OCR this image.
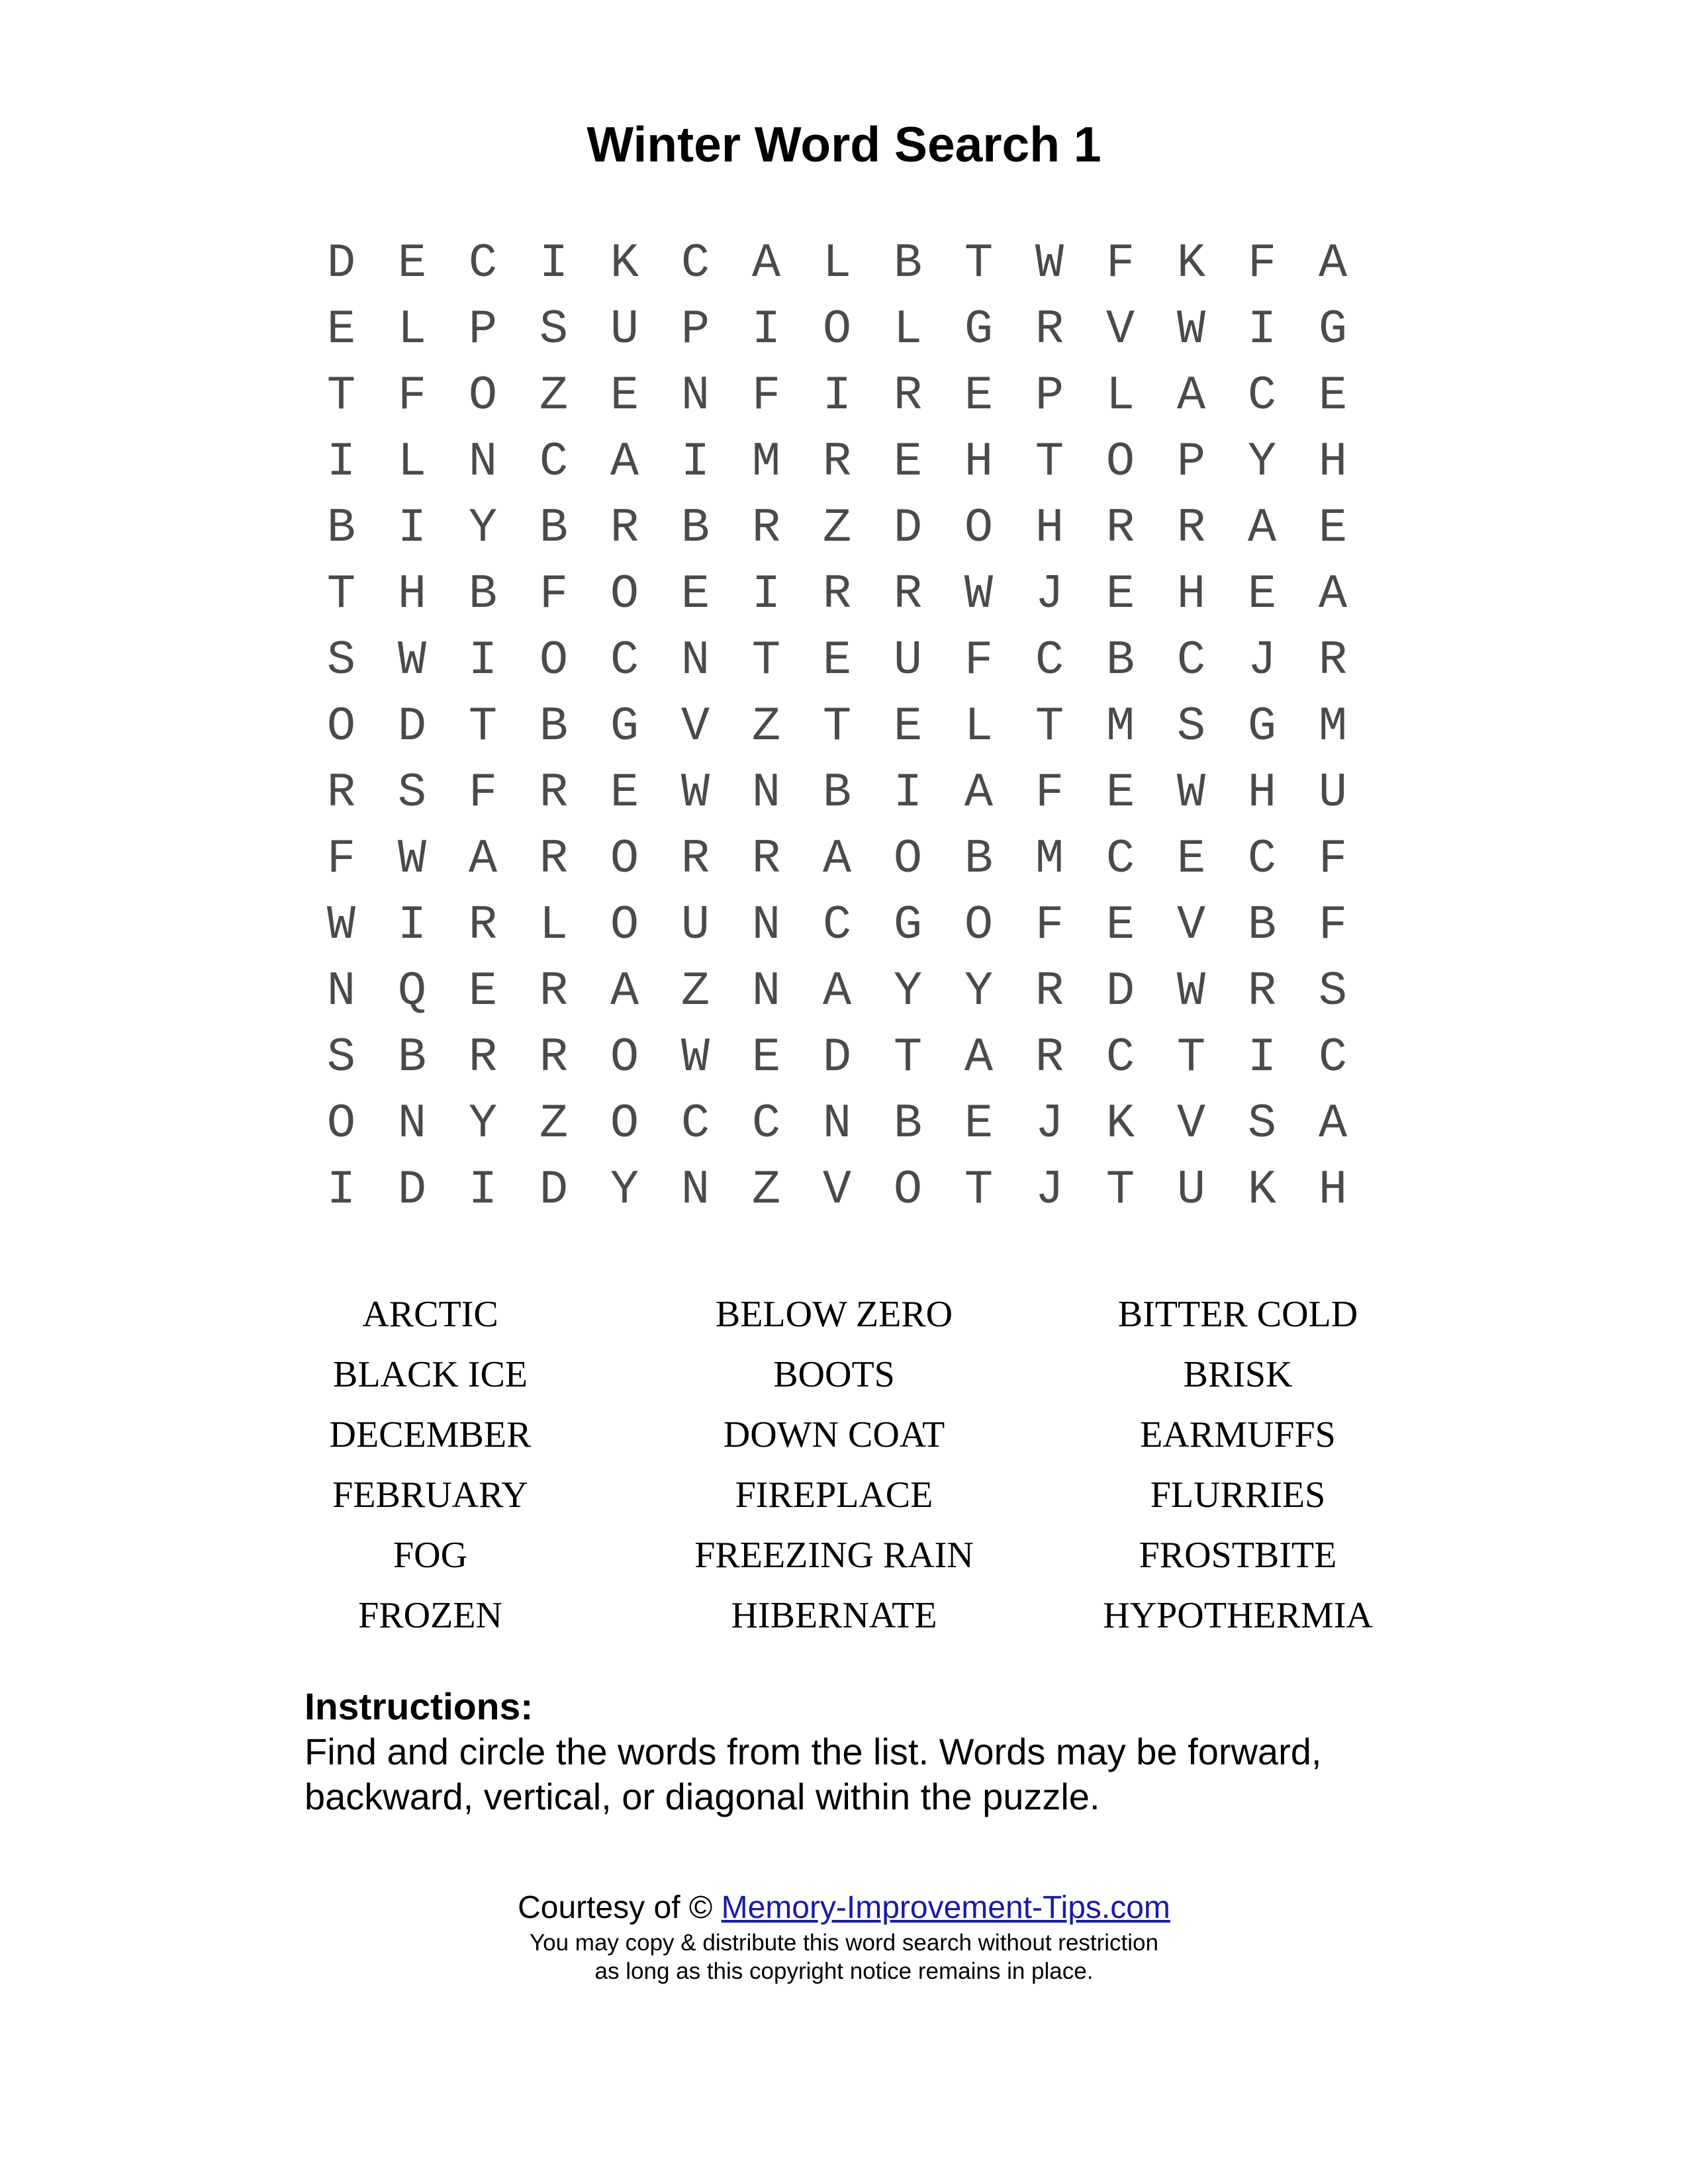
Winter Word Search 1
D E C I K C A L B T W F K F A
E L P S U P I O L G R V W I G
T F O Z E N F I R E P L A C E
I L N C A I M R E H T O P Y H
B I Y B R B R Z D O H R R A E
T H B F O E I R R W J E H E A
S W I O C N T E U F C B C J R
O D T B G V Z T E L T M S G M
R S F R E W N B I A F E W H U
F W A R O R R A O B M C E C F
W I R L O U N C G O F E V B F
N Q E R A Z N A Y Y R D W R S
S B R R O W E D T A R C T I C
O N Y Z O C C N B E J K V S A
I D I D Y N Z V O T J T U K H
ARCTIC	BELOW ZERO	BITTER COLD
BLACK ICE	BOOTS	BRISK
DECEMBER	DOWN COAT	EARMUFFS
FEBRUARY	FIREPLACE	FLURRIES
FOG	FREEZING RAIN	FROSTBITE
FROZEN	HIBERNATE	HYPOTHERMIA
Instructions:
Find and circle the words from the list. Words may be forward,
backward, vertical, or diagonal within the puzzle.
Courtesy of © Memory-Improvement-Tips.com
You may copy & distribute this word search without restriction
as long as this copyright notice remains in place.
